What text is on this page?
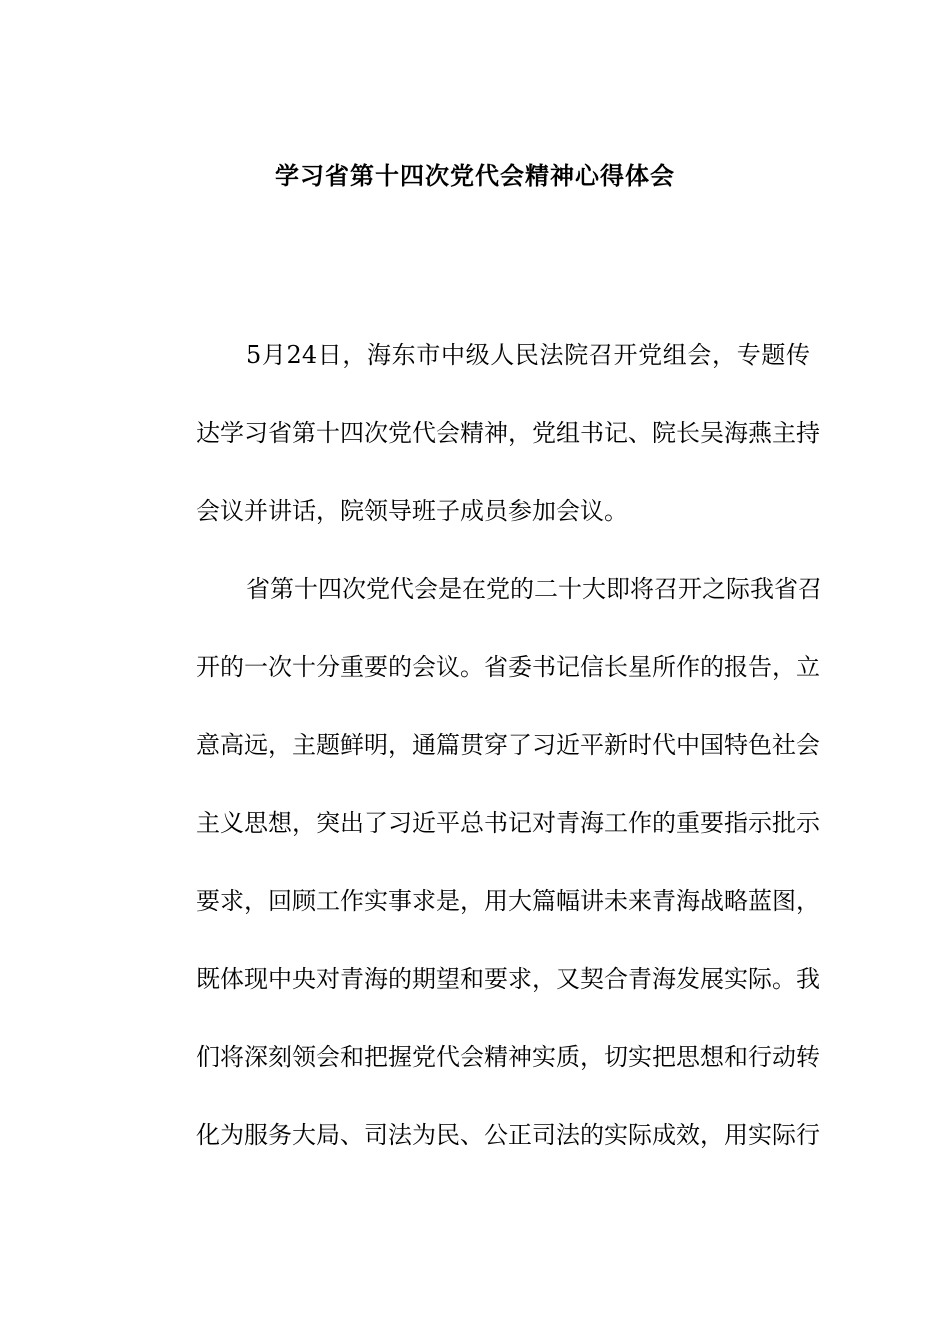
学习省第十四次党代会精神心得体会
5月24日，海东市中级人民法院召开党组会，专题传
达学习省第十四次党代会精神，党组书记、院长吴海燕主持
会议并讲话，院领导班子成员参加会议。
省第十四次党代会是在党的二十大即将召开之际我省召
开的一次十分重要的会议。省委书记信长星所作的报告，立
意高远，主题鲜明，通篇贯穿了习近平新时代中国特色社会
主义思想，突出了习近平总书记对青海工作的重要指示批示
要求，回顾工作实事求是，用大篇幅讲未来青海战略蓝图，
既体现中央对青海的期望和要求，又契合青海发展实际。我
们将深刻领会和把握党代会精神实质，切实把思想和行动转
化为服务大局、司法为民、公正司法的实际成效，用实际行
